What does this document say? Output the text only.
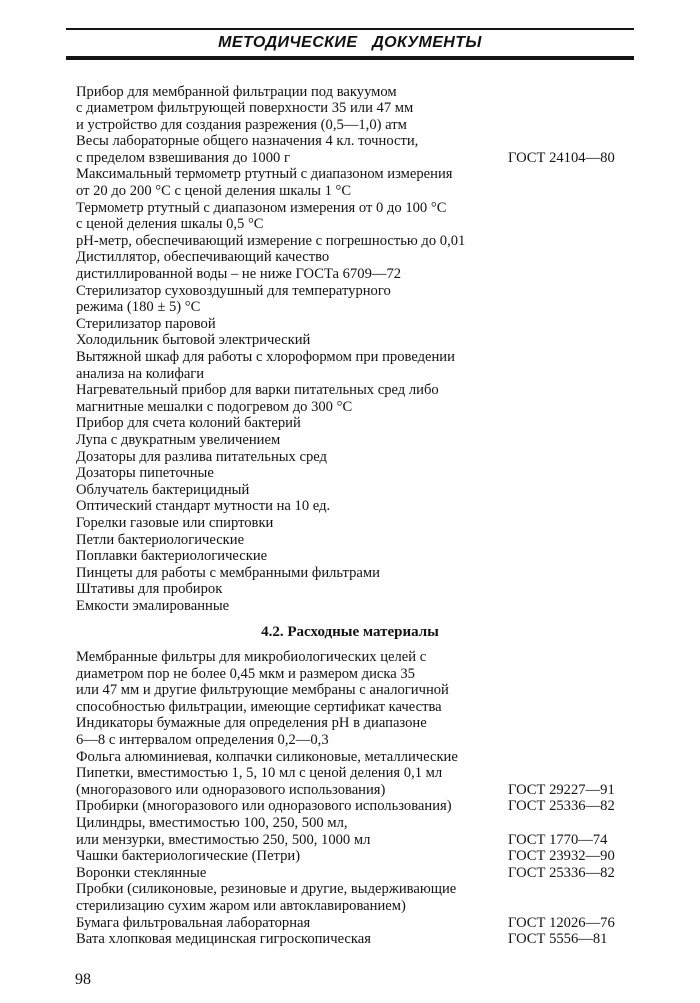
МЕТОДИЧЕСКИЕ ДОКУМЕНТЫ
Прибор для мембранной фильтрации под вакуумом
с диаметром фильтрующей поверхности 35 или 47 мм
и устройство для создания разрежения (0,5—1,0) атм
Весы лабораторные общего назначения 4 кл. точности,
с пределом взвешивания до 1000 г	ГОСТ 24104—80
Максимальный термометр ртутный с диапазоном измерения
от 20 до 200 °С с ценой деления шкалы 1 °С
Термометр ртутный с диапазоном измерения от 0 до 100 °С
с ценой деления шкалы 0,5 °С
рН-метр, обеспечивающий измерение с погрешностью до 0,01
Дистиллятор, обеспечивающий качество
дистиллированной воды – не ниже ГОСТа 6709—72
Стерилизатор суховоздушный для температурного
режима (180 ± 5) °С
Стерилизатор паровой
Холодильник бытовой электрический
Вытяжной шкаф для работы с хлороформом при проведении
анализа на колифаги
Нагревательный прибор для варки питательных сред либо
магнитные мешалки с подогревом до 300 °С
Прибор для счета колоний бактерий
Лупа с двукратным увеличением
Дозаторы для разлива питательных сред
Дозаторы пипеточные
Облучатель бактерицидный
Оптический стандарт мутности на 10 ед.
Горелки газовые или спиртовки
Петли бактериологические
Поплавки бактериологические
Пинцеты для работы с мембранными фильтрами
Штативы для пробирок
Емкости эмалированные
4.2. Расходные материалы
Мембранные фильтры для микробиологических целей с
диаметром пор не более 0,45 мкм и размером диска 35
или 47 мм и другие фильтрующие мембраны с аналогичной
способностью фильтрации, имеющие сертификат качества
Индикаторы бумажные для определения рН в диапазоне
6—8 с интервалом определения 0,2—0,3
Фольга алюминиевая, колпачки силиконовые, металлические
Пипетки, вместимостью 1, 5, 10 мл с ценой деления 0,1 мл
(многоразового или одноразового использования)	ГОСТ 29227—91
Пробирки (многоразового или одноразового использования)	ГОСТ 25336—82
Цилиндры, вместимостью 100, 250, 500 мл,
или мензурки, вместимостью 250, 500, 1000 мл	ГОСТ 1770—74
Чашки бактериологические (Петри)	ГОСТ 23932—90
Воронки стеклянные	ГОСТ 25336—82
Пробки (силиконовые, резиновые и другие, выдерживающие
стерилизацию сухим жаром или автоклавированием)
Бумага фильтровальная лабораторная	ГОСТ 12026—76
Вата хлопковая медицинская гигроскопическая	ГОСТ 5556—81
98
